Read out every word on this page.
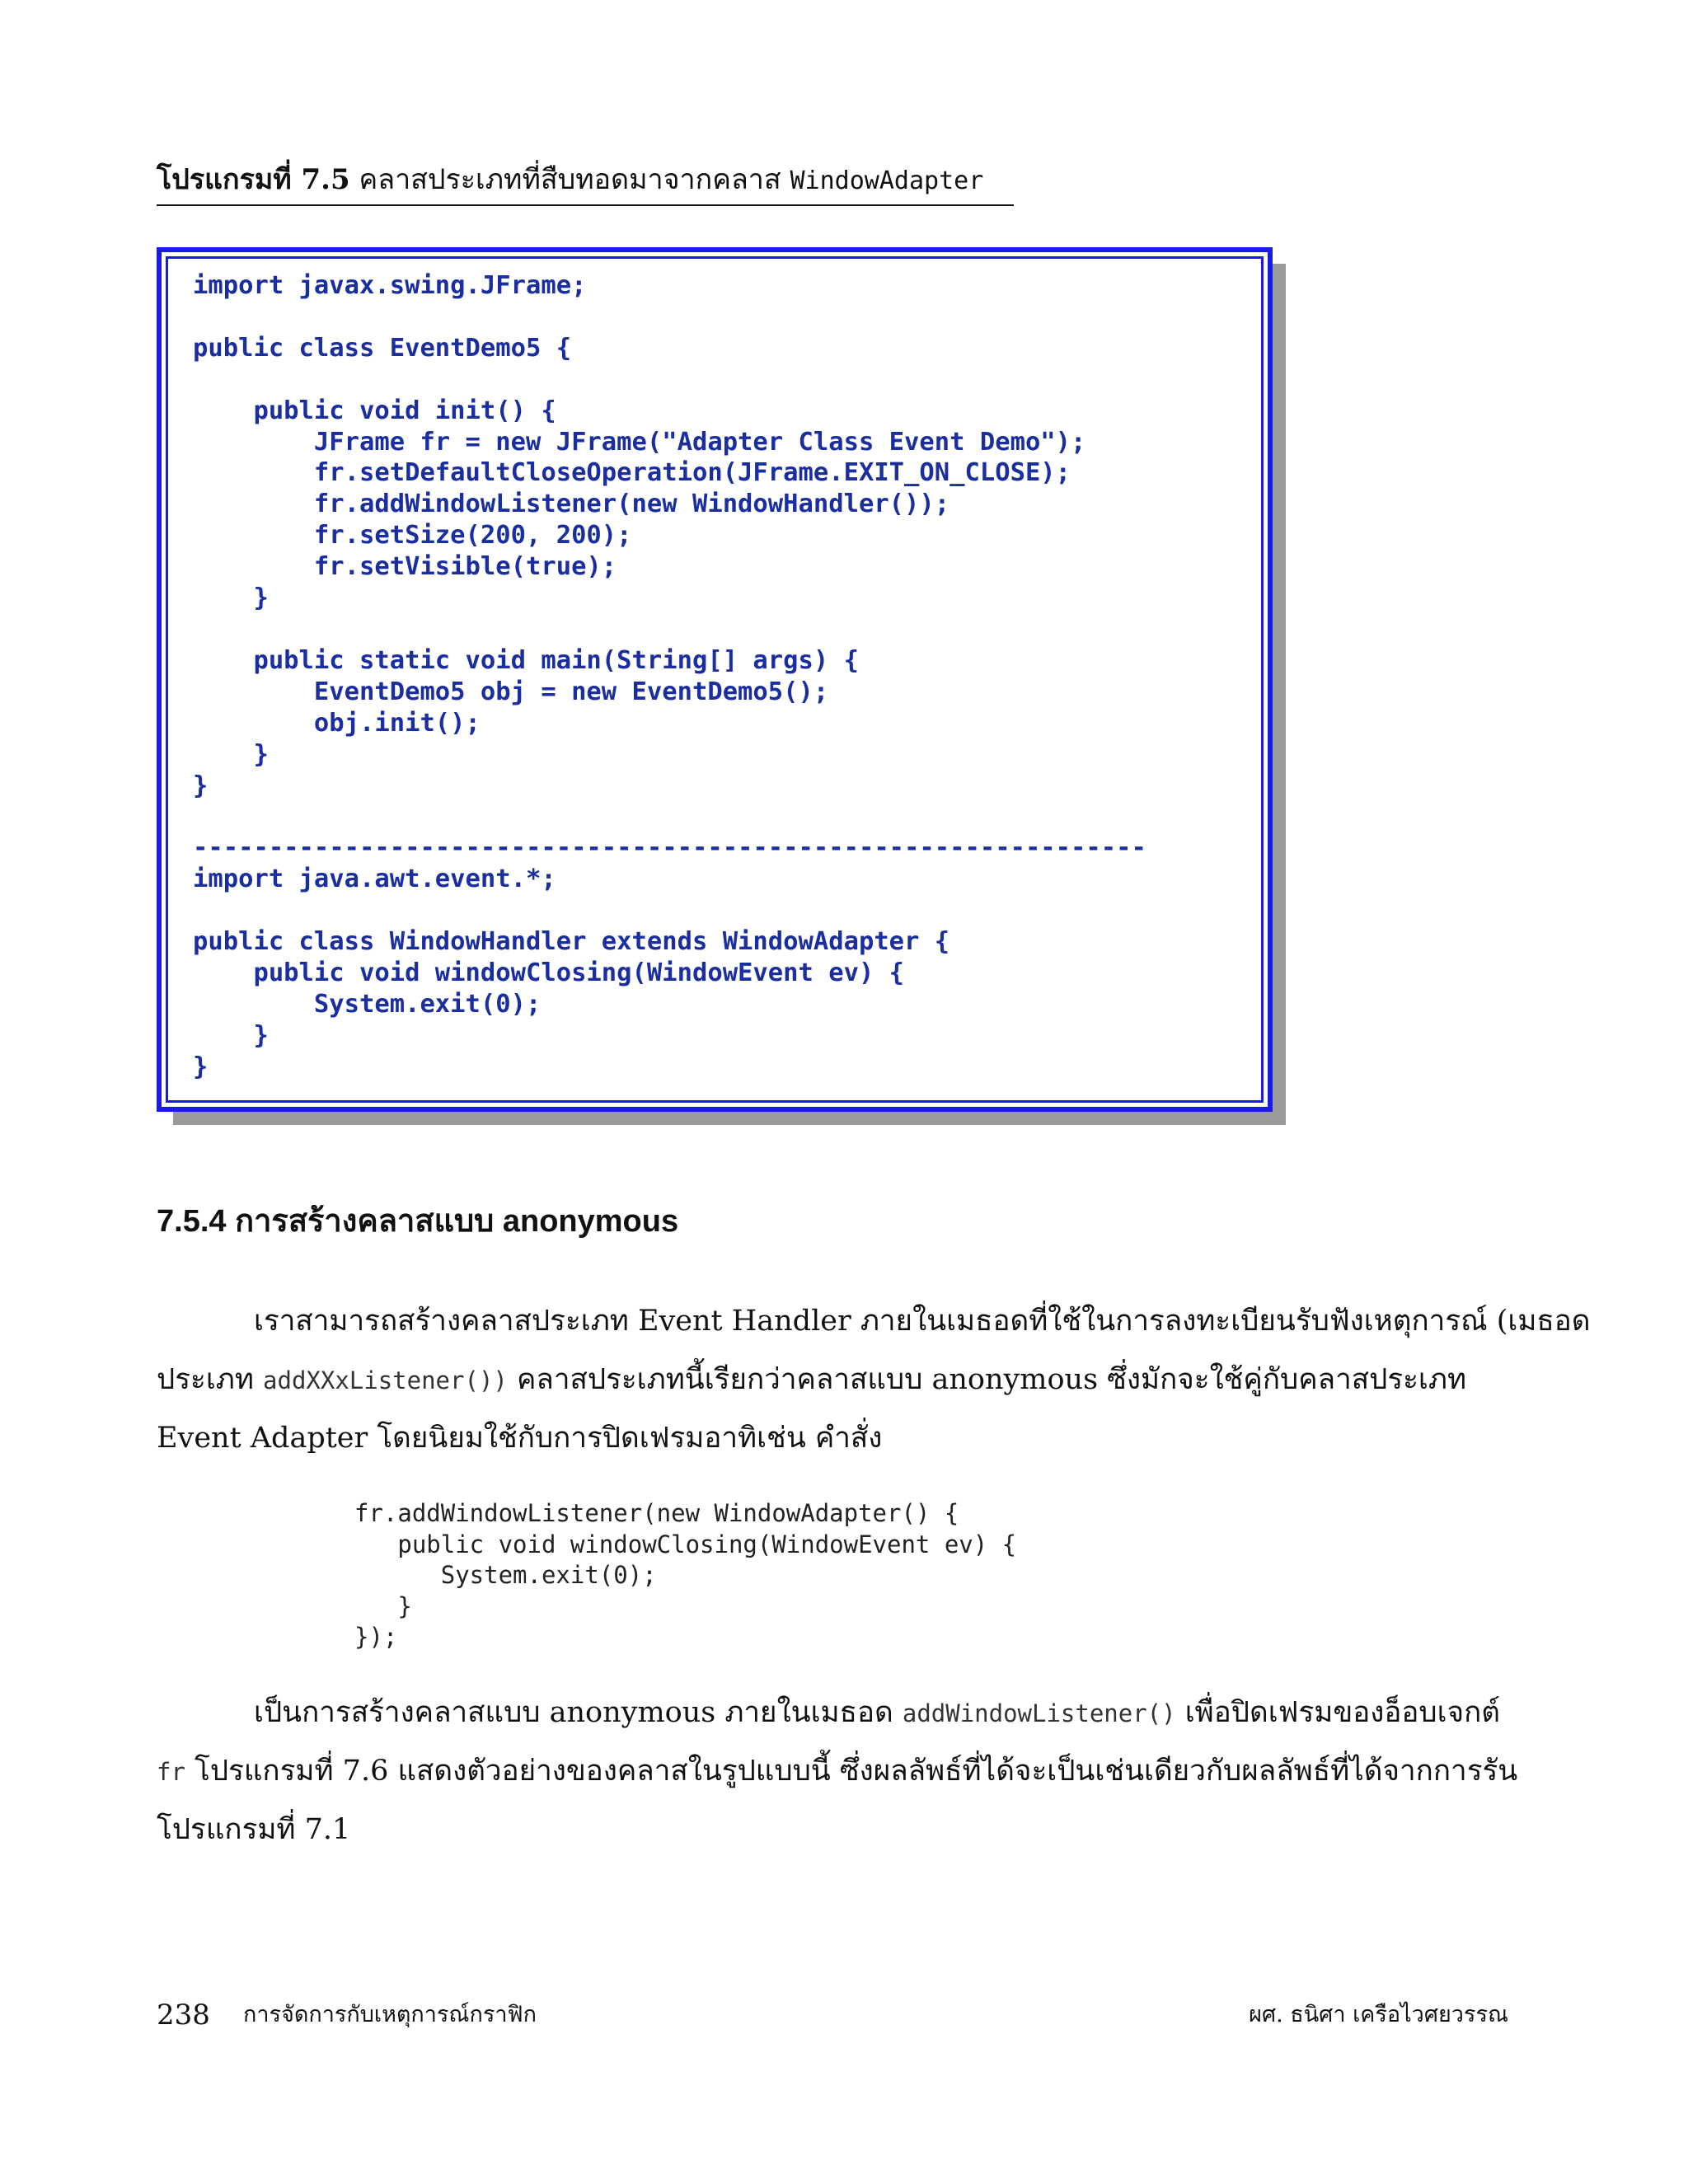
โปรแกรมที่ 7.5 คลาสประเภทที่สืบทอดมาจากคลาส WindowAdapter
import javax.swing.JFrame;

public class EventDemo5 {

public void init() {
JFrame fr = new JFrame("Adapter Class Event Demo");
fr.setDefaultCloseOperation(JFrame.EXIT_ON_CLOSE);
fr.addWindowListener(new WindowHandler());
fr.setSize(200, 200);
fr.setVisible(true);
}

public static void main(String[] args) {
EventDemo5 obj = new EventDemo5();
obj.init();
}
}

---------------------------------------------------------------
import java.awt.event.*;

public class WindowHandler extends WindowAdapter {
public void windowClosing(WindowEvent ev) {
System.exit(0);
}
}
7.5.4 การสร้างคลาสแบบ anonymous
เราสามารถสร้างคลาสประเภท Event Handler ภายในเมธอดที่ใช้ในการลงทะเบียนรับฟังเหตุการณ์ (เมธอด
ประเภท addXXxListener()) คลาสประเภทนี้เรียกว่าคลาสแบบ anonymous ซึ่งมักจะใช้คู่กับคลาสประเภท
Event Adapter โดยนิยมใช้กับการปิดเฟรมอาทิเช่น คำสั่ง
fr.addWindowListener(new WindowAdapter() {
public void windowClosing(WindowEvent ev) {
System.exit(0);
}
});
เป็นการสร้างคลาสแบบ anonymous ภายในเมธอด addWindowListener() เพื่อปิดเฟรมของอ็อบเจกต์
fr โปรแกรมที่ 7.6 แสดงตัวอย่างของคลาสในรูปแบบนี้ ซึ่งผลลัพธ์ที่ได้จะเป็นเช่นเดียวกับผลลัพธ์ที่ได้จากการรัน
โปรแกรมที่ 7.1
238 การจัดการกับเหตุการณ์กราฟิก	ผศ. ธนิศา เครือไวศยวรรณ
